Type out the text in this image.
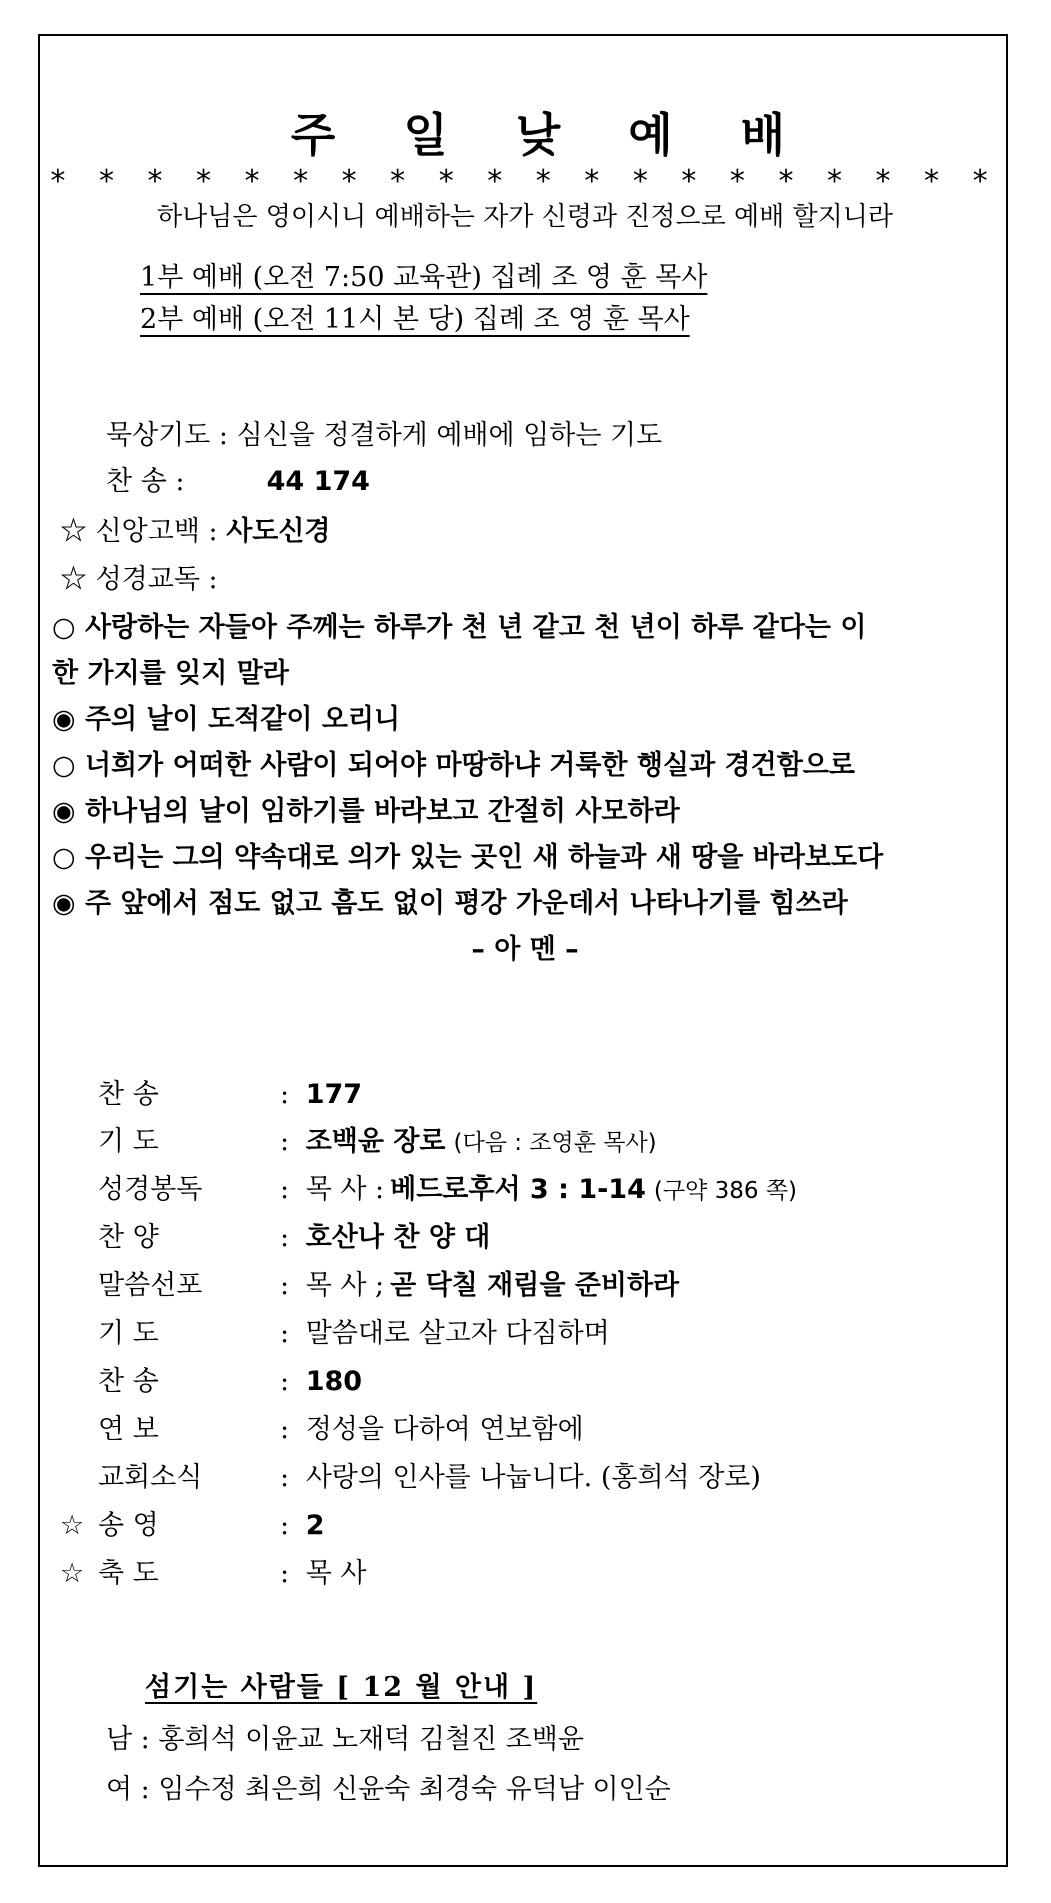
주 일 낮 예 배
* * * * * * * * * * * * * * * * * * * *
하나님은 영이시니 예배하는 자가 신령과 진정으로 예배 할지니라
1부 예배 (오전 7:50 교육관) 집례 조 영 훈 목사
2부 예배 (오전 11시 본 당) 집례 조 영 훈 목사
묵상기도 : 심신을 정결하게 예배에 임하는 기도
찬 송 :	44 174
☆ 신앙고백 : 사도신경
☆ 성경교독 :
○ 사랑하는 자들아 주께는 하루가 천 년 같고 천 년이 하루 같다는 이
한 가지를 잊지 말라
◉ 주의 날이 도적같이 오리니
○ 너희가 어떠한 사람이 되어야 마땅하냐 거룩한 행실과 경건함으로
◉ 하나님의 날이 임하기를 바라보고 간절히 사모하라
○ 우리는 그의 약속대로 의가 있는 곳인 새 하늘과 새 땅을 바라보도다
◉ 주 앞에서 점도 없고 흠도 없이 평강 가운데서 나타나기를 힘쓰라
– 아 멘 –
찬 송	: 177
기 도	: 조백윤 장로 (다음 : 조영훈 목사)
성경봉독	: 목 사 : 베드로후서 3 : 1-14 (구약 386 쪽)
찬 양	: 호산나 찬 양 대
말씀선포	: 목 사 ; 곧 닥칠 재림을 준비하라
기 도	: 말씀대로 살고자 다짐하며
찬 송	: 180
연 보	: 정성을 다하여 연보함에
교회소식	: 사랑의 인사를 나눕니다. (홍희석 장로)
☆ 송 영	: 2
☆ 축 도	: 목 사
섬기는 사람들 [ 12 월 안내 ]
남 : 홍희석 이윤교 노재덕 김철진 조백윤
여 : 임수정 최은희 신윤숙 최경숙 유덕남 이인순
